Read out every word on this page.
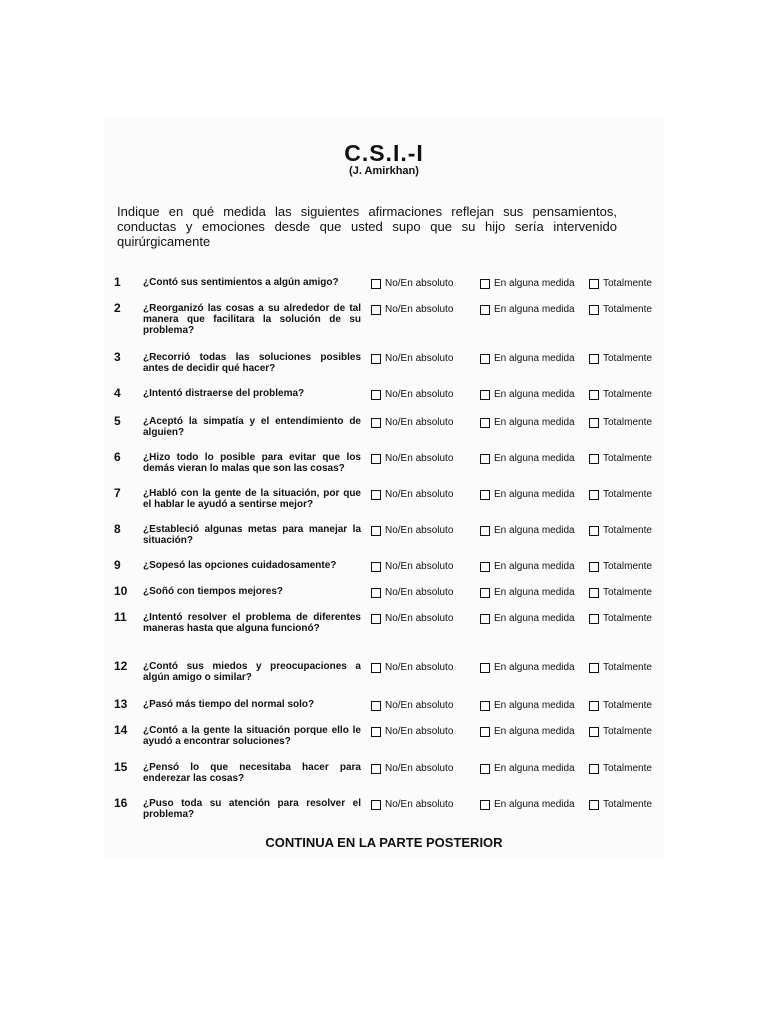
C.S.I.-I
(J. Amirkhan)
Indique en qué medida las siguientes afirmaciones reflejan sus pensamientos, conductas y emociones desde que usted supo que su hijo sería intervenido quirúrgicamente
1	¿Contó sus sentimientos a algún amigo?	No/En absoluto	En alguna medida	Totalmente
2	¿Reorganizó las cosas a su alrededor de tal manera que facilitara la solución de su problema?
No/En absoluto	En alguna medida	Totalmente
3	¿Recorrió todas las soluciones posibles antes de decidir qué hacer?
No/En absoluto	En alguna medida	Totalmente
4	¿Intentó distraerse del problema?	No/En absoluto	En alguna medida	Totalmente
5	¿Aceptó la simpatía y el entendimiento de alguien?
No/En absoluto	En alguna medida	Totalmente
6	¿Hizo todo lo posible para evitar que los demás vieran lo malas que son las cosas?
No/En absoluto	En alguna medida	Totalmente
7	¿Habló con la gente de la situación, por que el hablar le ayudó a sentirse mejor?
No/En absoluto	En alguna medida	Totalmente
8	¿Estableció algunas metas para manejar la situación?
No/En absoluto	En alguna medida	Totalmente
9	¿Sopesó las opciones cuidadosamente?	No/En absoluto	En alguna medida	Totalmente
10	¿Soñó con tiempos mejores?	No/En absoluto	En alguna medida	Totalmente
11	¿Intentó resolver el problema de diferentes maneras hasta que alguna funcionó?
No/En absoluto	En alguna medida	Totalmente
12	¿Contó sus miedos y preocupaciones a algún amigo o similar?
No/En absoluto	En alguna medida	Totalmente
13	¿Pasó más tiempo del normal solo?	No/En absoluto	En alguna medida	Totalmente
14	¿Contó a la gente la situación porque ello le ayudó a encontrar soluciones?
No/En absoluto	En alguna medida	Totalmente
15	¿Pensó lo que necesitaba hacer para enderezar las cosas?
No/En absoluto	En alguna medida	Totalmente
16	¿Puso toda su atención para resolver el problema?
No/En absoluto	En alguna medida	Totalmente
CONTINUA EN LA PARTE POSTERIOR
